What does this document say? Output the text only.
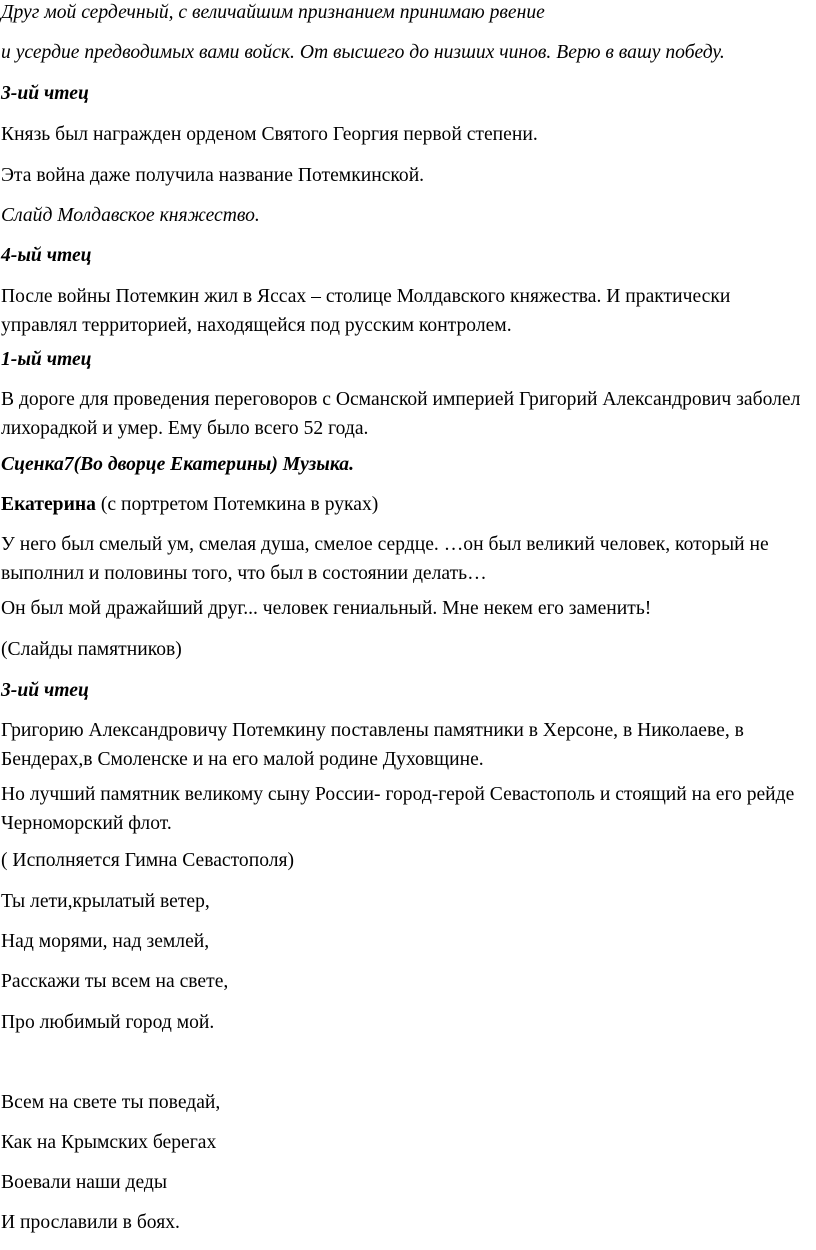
Друг мой сердечный, с величайшим признанием принимаю рвение

и усердие предводимых вами войск. От высшего до низших чинов. Верю в вашу победу.

3-ий чтец

Князь был награжден орденом Святого Георгия первой степени.

Эта война даже получила название Потемкинской.

Слайд Молдавское княжество.

4-ый чтец

После войны Потемкин жил в Яссах – столице Молдавского княжества. И практически управлял территорией, находящейся под русским контролем.

1-ый чтец

В дороге для проведения переговоров с Османской империей Григорий Александрович заболел лихорадкой и умер. Ему было всего 52 года.

Сценка7(Во дворце Екатерины) Музыка.

Екатерина (с портретом Потемкина в руках)

У него был смелый ум, смелая душа, смелое сердце. …он был великий человек, который не выполнил и половины того, что был в состоянии делать…

Он был мой дражайший друг... человек гениальный. Мне некем его заменить!

(Слайды памятников)

3-ий чтец

Григорию Александровичу Потемкину поставлены памятники в Херсоне, в Николаеве, в Бендерах,в Смоленске и на его малой родине Духовщине.

Но лучший памятник великому сыну России- город-герой Севастополь и стоящий на его рейде Черноморский флот.

( Исполняется Гимна Севастополя)

Ты лети,крылатый ветер,

Над морями, над землей,

Расскажи ты всем на свете,

Про любимый город мой.

Всем на свете ты поведай,

Как на Крымских берегах

Воевали наши деды

И прославили в боях.
